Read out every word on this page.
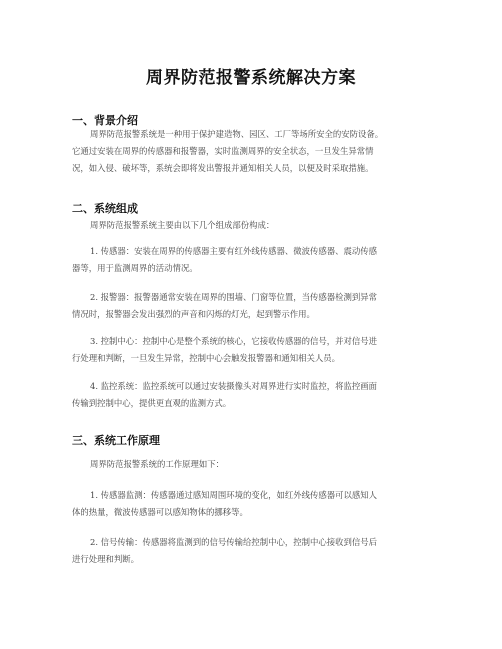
周界防范报警系统解决方案
一、背景介绍
周界防范报警系统是一种用于保护建造物、园区、工厂等场所安全的安防设备。
它通过安装在周界的传感器和报警器，实时监测周界的安全状态，一旦发生异常情
况，如入侵、破坏等，系统会即将发出警报并通知相关人员，以便及时采取措施。
二、系统组成
周界防范报警系统主要由以下几个组成部份构成：
1. 传感器：安装在周界的传感器主要有红外线传感器、微波传感器、震动传感
器等，用于监测周界的活动情况。
2. 报警器：报警器通常安装在周界的围墙、门窗等位置，当传感器检测到异常
情况时，报警器会发出强烈的声音和闪烁的灯光，起到警示作用。
3. 控制中心：控制中心是整个系统的核心，它接收传感器的信号，并对信号进
行处理和判断，一旦发生异常，控制中心会触发报警器和通知相关人员。
4. 监控系统：监控系统可以通过安装摄像头对周界进行实时监控，将监控画面
传输到控制中心，提供更直观的监测方式。
三、系统工作原理
周界防范报警系统的工作原理如下：
1. 传感器监测：传感器通过感知周围环境的变化，如红外线传感器可以感知人
体的热量，微波传感器可以感知物体的挪移等。
2. 信号传输：传感器将监测到的信号传输给控制中心，控制中心接收到信号后
进行处理和判断。
